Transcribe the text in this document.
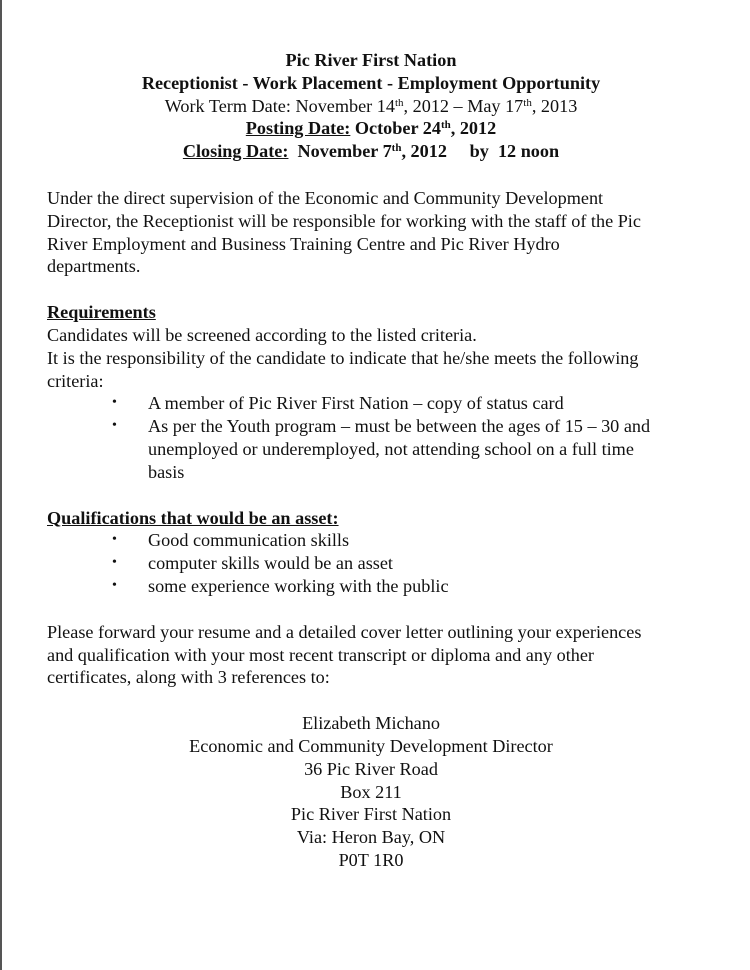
Pic River First Nation
Receptionist - Work Placement - Employment Opportunity
Work Term Date: November 14th, 2012 – May 17th, 2013
Posting Date: October 24th, 2012
Closing Date:  November 7th, 2012     by  12 noon
Under the direct supervision of the Economic and Community Development
Director, the Receptionist will be responsible for working with the staff of the Pic
River Employment and Business Training Centre and Pic River Hydro
departments.
Requirements
Candidates will be screened according to the listed criteria.
It is the responsibility of the candidate to indicate that he/she meets the following
criteria:
• A member of Pic River First Nation – copy of status card
• As per the Youth program – must be between the ages of 15 – 30 and
unemployed or underemployed, not attending school on a full time
basis
Qualifications that would be an asset:
• Good communication skills
• computer skills would be an asset
• some experience working with the public
Please forward your resume and a detailed cover letter outlining your experiences
and qualification with your most recent transcript or diploma and any other
certificates, along with 3 references to:
Elizabeth Michano
Economic and Community Development Director
36 Pic River Road
Box 211
Pic River First Nation
Via: Heron Bay, ON
P0T 1R0
